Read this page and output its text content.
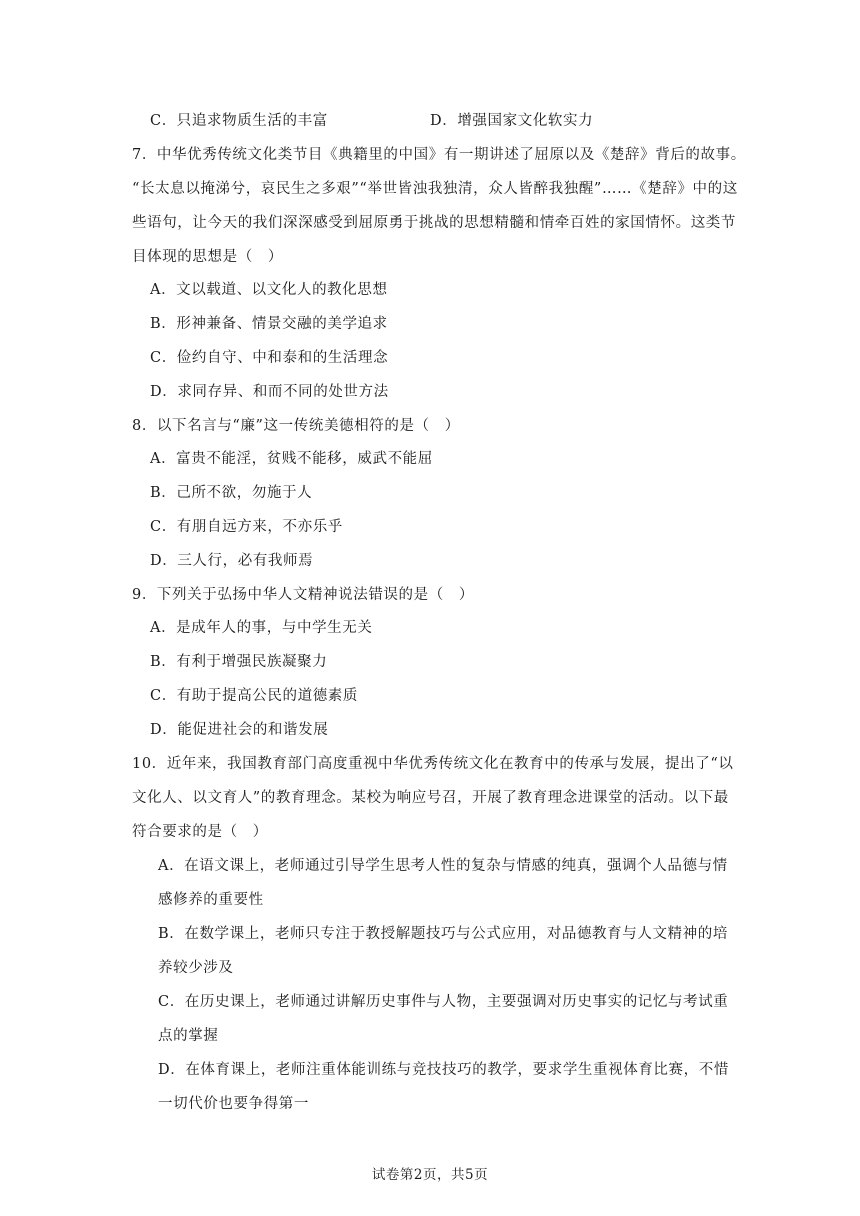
C．只追求物质生活的丰富	D．增强国家文化软实力
7．中华优秀传统文化类节目《典籍里的中国》有一期讲述了屈原以及《楚辞》背后的故事。
“长太息以掩涕兮，哀民生之多艰”“举世皆浊我独清，众人皆醉我独醒”……《楚辞》中的这
些语句，让今天的我们深深感受到屈原勇于挑战的思想精髓和情牵百姓的家国情怀。这类节
目体现的思想是（　）
A．文以载道、以文化人的教化思想
B．形神兼备、情景交融的美学追求
C．俭约自守、中和泰和的生活理念
D．求同存异、和而不同的处世方法
8．以下名言与“廉”这一传统美德相符的是（　）
A．富贵不能淫，贫贱不能移，威武不能屈
B．己所不欲，勿施于人
C．有朋自远方来，不亦乐乎
D．三人行，必有我师焉
9．下列关于弘扬中华人文精神说法错误的是（　）
A．是成年人的事，与中学生无关
B．有利于增强民族凝聚力
C．有助于提高公民的道德素质
D．能促进社会的和谐发展
10．近年来，我国教育部门高度重视中华优秀传统文化在教育中的传承与发展，提出了“以
文化人、以文育人”的教育理念。某校为响应号召，开展了教育理念进课堂的活动。以下最
符合要求的是（　）
A．在语文课上，老师通过引导学生思考人性的复杂与情感的纯真，强调个人品德与情
感修养的重要性
B．在数学课上，老师只专注于教授解题技巧与公式应用，对品德教育与人文精神的培
养较少涉及
C．在历史课上，老师通过讲解历史事件与人物，主要强调对历史事实的记忆与考试重
点的掌握
D．在体育课上，老师注重体能训练与竞技技巧的教学，要求学生重视体育比赛，不惜
一切代价也要争得第一
试卷第2页，共5页
